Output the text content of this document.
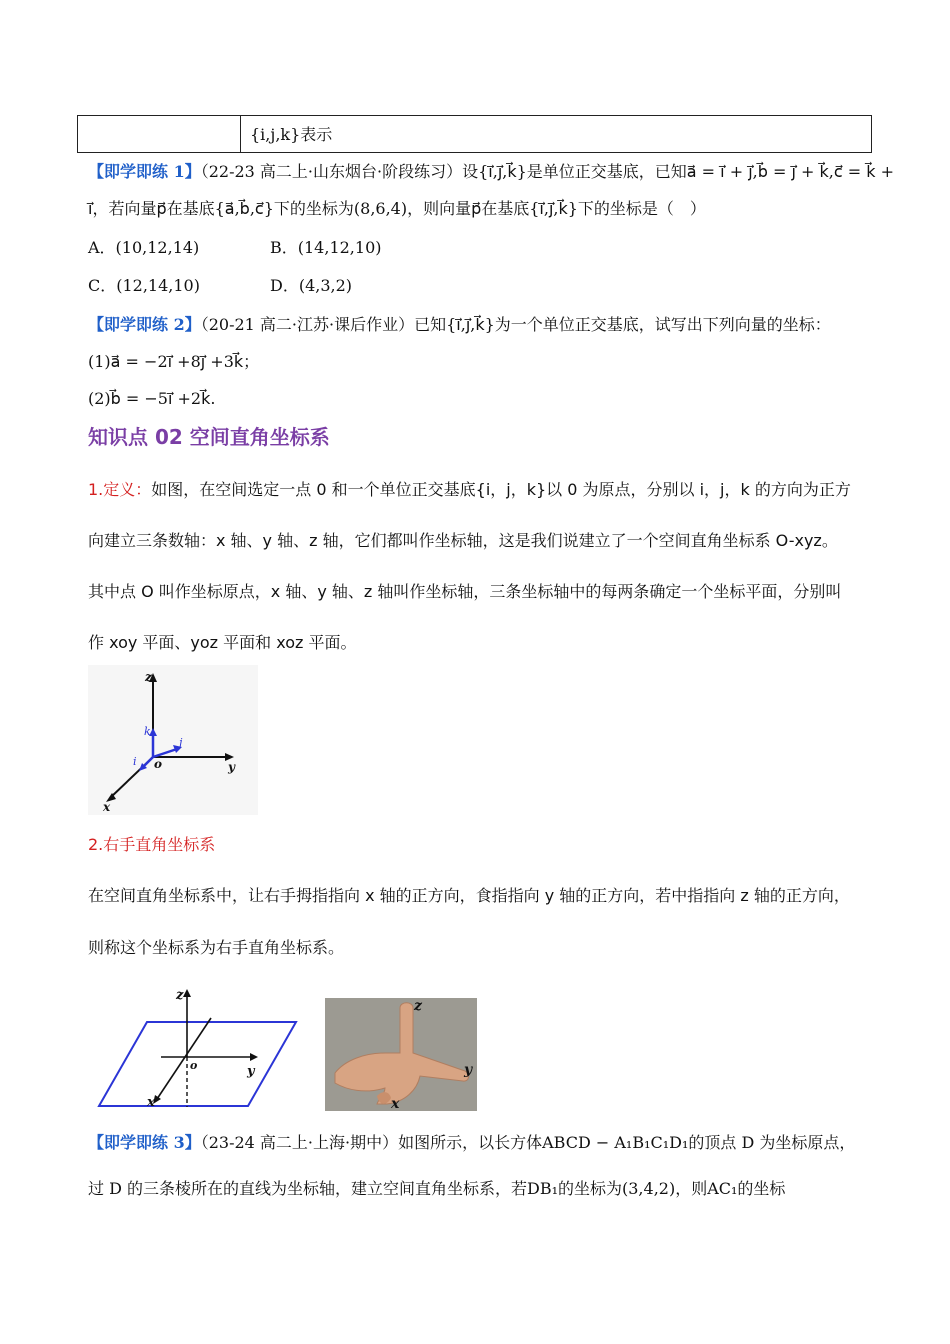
{i,j,k}表示
【即学即练 1】（22-23 高二上·山东烟台·阶段练习）设{i⃗,j⃗,k⃗}是单位正交基底，已知a⃗ = i⃗ + j⃗,b⃗ = j⃗ + k⃗,c⃗ = k⃗ +
i⃗，若向量p⃗在基底{a⃗,b⃗,c⃗}下的坐标为(8,6,4)，则向量p⃗在基底{i⃗,j⃗,k⃗}下的坐标是（　）
A．(10,12,14)	B．(14,12,10)
C．(12,14,10)	D．(4,3,2)
【即学即练 2】（20-21 高二·江苏·课后作业）已知{i⃗,j⃗,k⃗}为一个单位正交基底，试写出下列向量的坐标：
(1)a⃗ = −2i⃗ +8j⃗ +3k⃗；
(2)b⃗ = −5i⃗ +2k⃗.
知识点 02 空间直角坐标系
1.定义：如图，在空间选定一点 0 和一个单位正交基底{i，j，k}以 0 为原点，分别以 i，j，k 的方向为正方
向建立三条数轴：x 轴、y 轴、z 轴，它们都叫作坐标轴，这是我们说建立了一个空间直角坐标系 O-xyz。
其中点 O 叫作坐标原点，x 轴、y 轴、z 轴叫作坐标轴，三条坐标轴中的每两条确定一个坐标平面，分别叫
作 xoy 平面、yoz 平面和 xoz 平面。
z
y
x
o
i
j
k
2.右手直角坐标系
在空间直角坐标系中，让右手拇指指向 x 轴的正方向，食指指向 y 轴的正方向，若中指指向 z 轴的正方向，
则称这个坐标系为右手直角坐标系。
z
y
x
o
z
y
x
【即学即练 3】（23-24 高二上·上海·期中）如图所示，以长方体ABCD − A₁B₁C₁D₁的顶点 D 为坐标原点，
过 D 的三条棱所在的直线为坐标轴，建立空间直角坐标系，若DB₁的坐标为(3,4,2)，则AC₁的坐标
